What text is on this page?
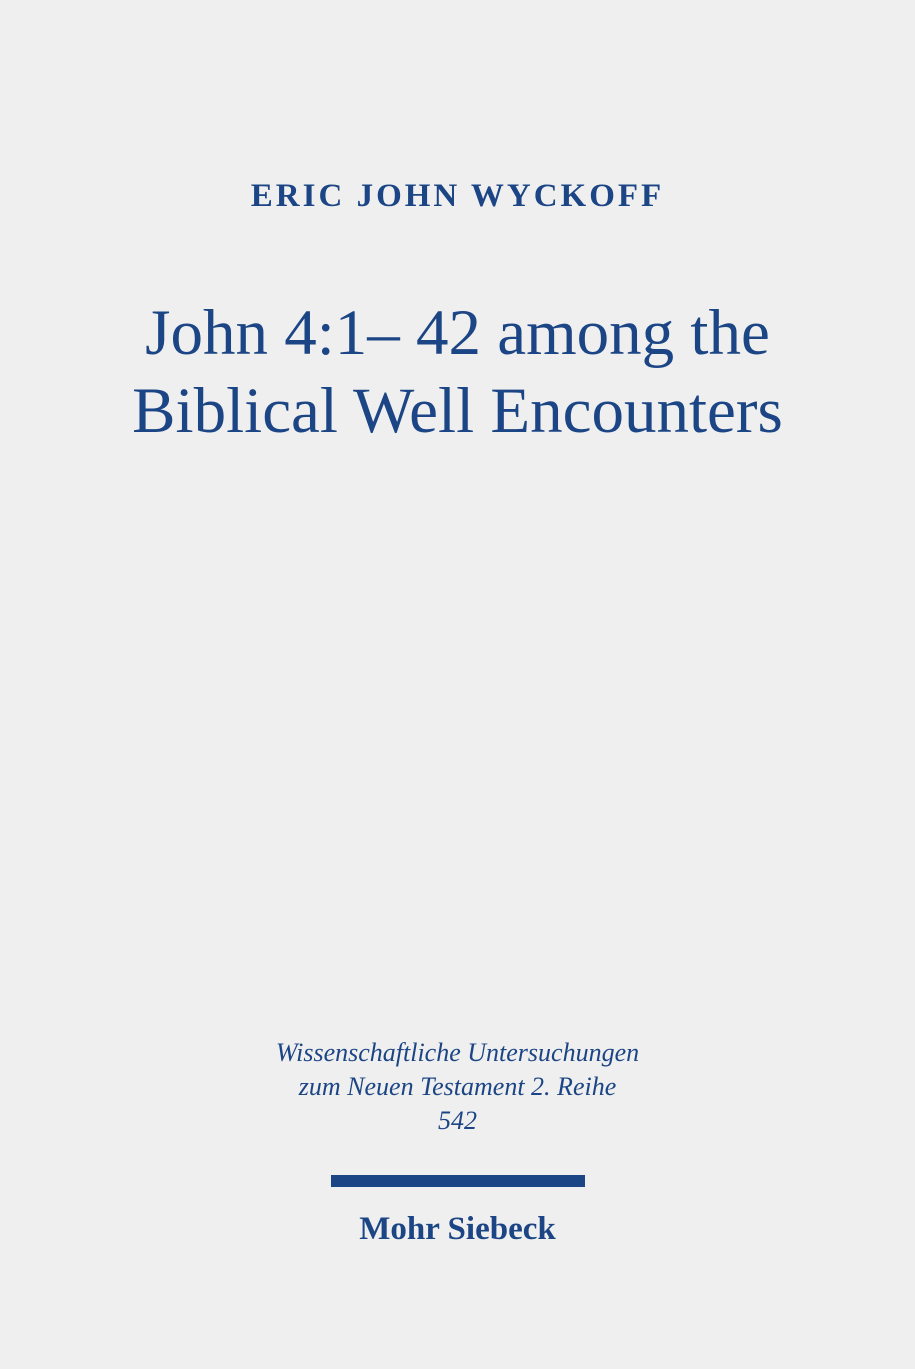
ERIC JOHN WYCKOFF
John 4:1– 42 among the
Biblical Well Encounters
Wissenschaftliche Untersuchungen
zum Neuen Testament 2. Reihe
542
Mohr Siebeck
